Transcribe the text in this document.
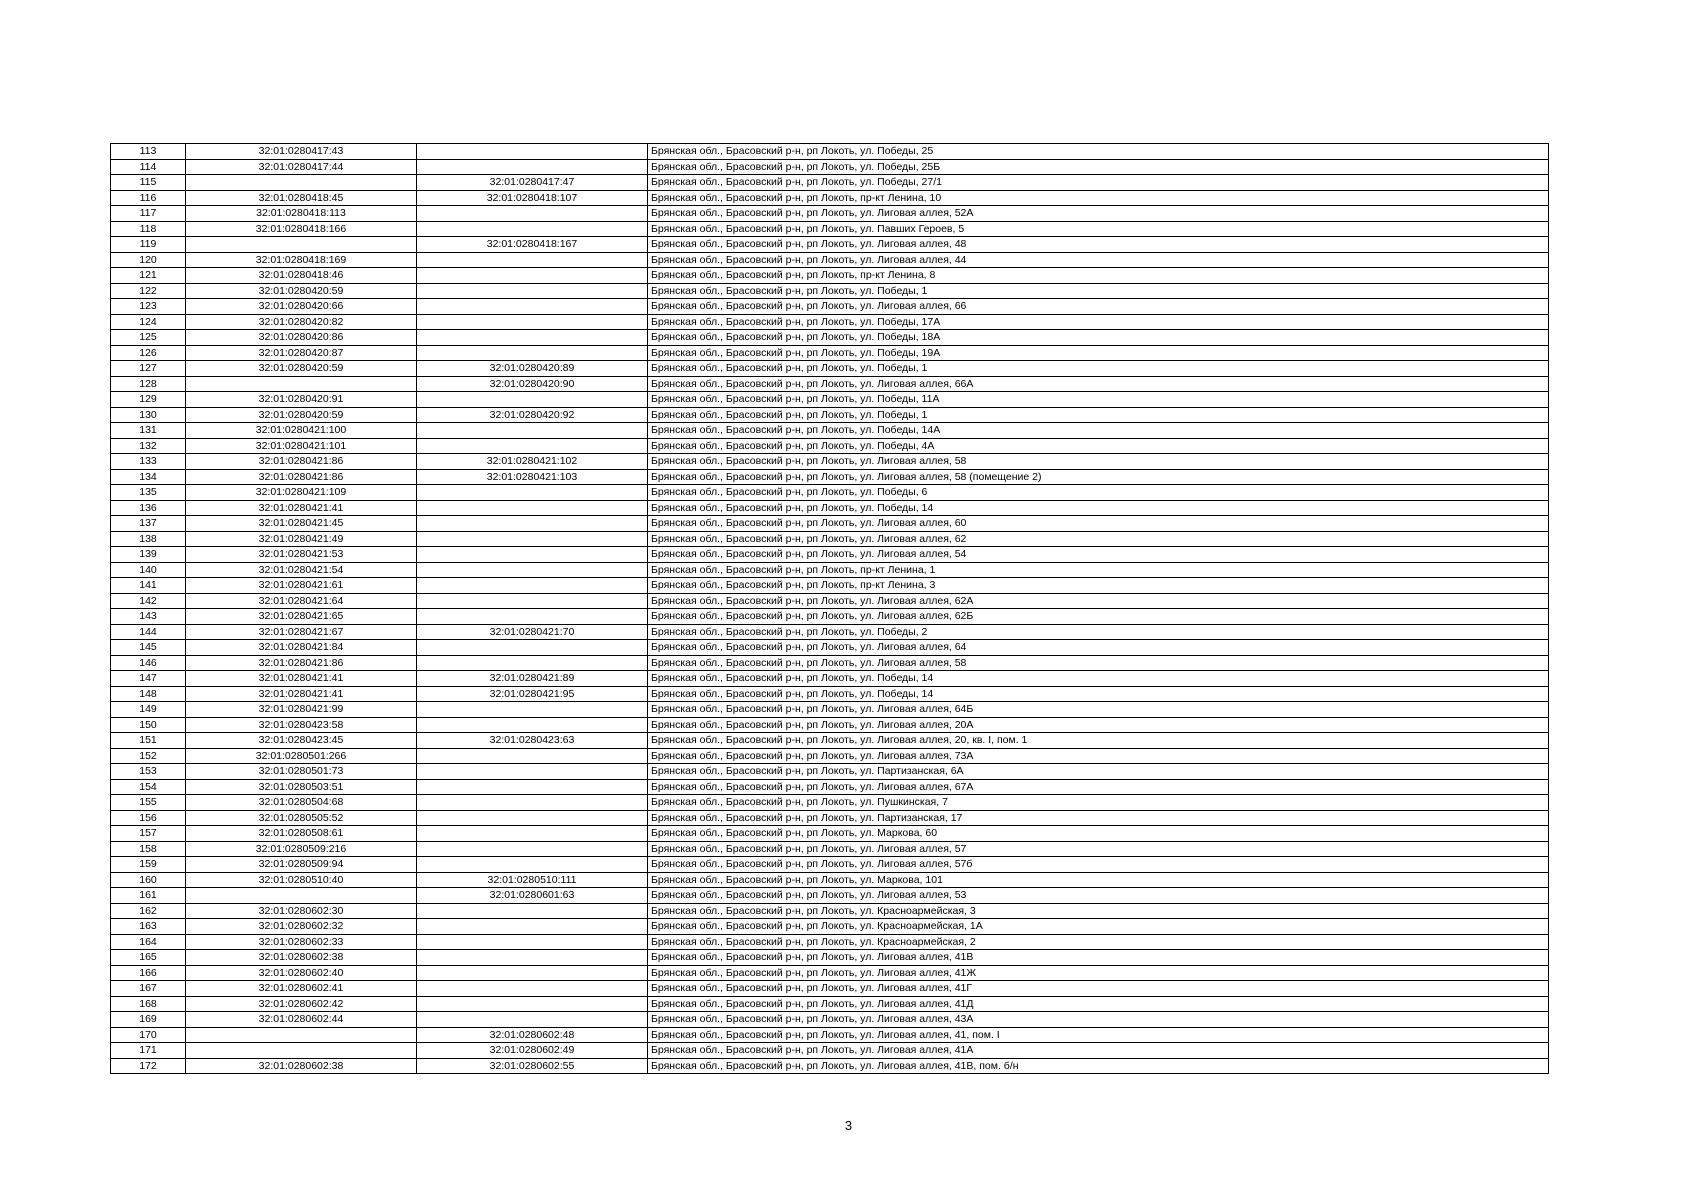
113	32:01:0280417:43		Брянская обл., Брасовский р-н, рп Локоть, ул. Победы, 25
114	32:01:0280417:44		Брянская обл., Брасовский р-н, рп Локоть, ул. Победы, 25Б
115		32:01:0280417:47	Брянская обл., Брасовский р-н, рп Локоть, ул. Победы, 27/1
116	32:01:0280418:45	32:01:0280418:107	Брянская обл., Брасовский р-н, рп Локоть, пр-кт Ленина, 10
117	32:01:0280418:113		Брянская обл., Брасовский р-н, рп Локоть, ул. Лиговая аллея, 52А
118	32:01:0280418:166		Брянская обл., Брасовский р-н, рп Локоть, ул. Павших Героев, 5
119		32:01:0280418:167	Брянская обл., Брасовский р-н, рп Локоть, ул. Лиговая аллея, 48
120	32:01:0280418:169		Брянская обл., Брасовский р-н, рп Локоть, ул. Лиговая аллея, 44
121	32:01:0280418:46		Брянская обл., Брасовский р-н, рп Локоть, пр-кт Ленина, 8
122	32:01:0280420:59		Брянская обл., Брасовский р-н, рп Локоть, ул. Победы, 1
123	32:01:0280420:66		Брянская обл., Брасовский р-н, рп Локоть, ул. Лиговая аллея, 66
124	32:01:0280420:82		Брянская обл., Брасовский р-н, рп Локоть, ул. Победы, 17А
125	32:01:0280420:86		Брянская обл., Брасовский р-н, рп Локоть, ул. Победы, 18А
126	32:01:0280420:87		Брянская обл., Брасовский р-н, рп Локоть, ул. Победы, 19А
127	32:01:0280420:59	32:01:0280420:89	Брянская обл., Брасовский р-н, рп Локоть, ул. Победы, 1
128		32:01:0280420:90	Брянская обл., Брасовский р-н, рп Локоть, ул. Лиговая аллея, 66А
129	32:01:0280420:91		Брянская обл., Брасовский р-н, рп Локоть, ул. Победы, 11А
130	32:01:0280420:59	32:01:0280420:92	Брянская обл., Брасовский р-н, рп Локоть, ул. Победы, 1
131	32:01:0280421:100		Брянская обл., Брасовский р-н, рп Локоть, ул. Победы, 14А
132	32:01:0280421:101		Брянская обл., Брасовский р-н, рп Локоть, ул. Победы, 4А
133	32:01:0280421:86	32:01:0280421:102	Брянская обл., Брасовский р-н, рп Локоть, ул. Лиговая аллея, 58
134	32:01:0280421:86	32:01:0280421:103	Брянская обл., Брасовский р-н, рп Локоть, ул. Лиговая аллея, 58 (помещение 2)
135	32:01:0280421:109		Брянская обл., Брасовский р-н, рп Локоть, ул. Победы, 6
136	32:01:0280421:41		Брянская обл., Брасовский р-н, рп Локоть, ул. Победы, 14
137	32:01:0280421:45		Брянская обл., Брасовский р-н, рп Локоть, ул. Лиговая аллея, 60
138	32:01:0280421:49		Брянская обл., Брасовский р-н, рп Локоть, ул. Лиговая аллея, 62
139	32:01:0280421:53		Брянская обл., Брасовский р-н, рп Локоть, ул. Лиговая аллея, 54
140	32:01:0280421:54		Брянская обл., Брасовский р-н, рп Локоть, пр-кт Ленина, 1
141	32:01:0280421:61		Брянская обл., Брасовский р-н, рп Локоть, пр-кт Ленина, 3
142	32:01:0280421:64		Брянская обл., Брасовский р-н, рп Локоть, ул. Лиговая аллея, 62А
143	32:01:0280421:65		Брянская обл., Брасовский р-н, рп Локоть, ул. Лиговая аллея, 62Б
144	32:01:0280421:67	32:01:0280421:70	Брянская обл., Брасовский р-н, рп Локоть, ул. Победы, 2
145	32:01:0280421:84		Брянская обл., Брасовский р-н, рп Локоть, ул. Лиговая аллея, 64
146	32:01:0280421:86		Брянская обл., Брасовский р-н, рп Локоть, ул. Лиговая аллея, 58
147	32:01:0280421:41	32:01:0280421:89	Брянская обл., Брасовский р-н, рп Локоть, ул. Победы, 14
148	32:01:0280421:41	32:01:0280421:95	Брянская обл., Брасовский р-н, рп Локоть, ул. Победы, 14
149	32:01:0280421:99		Брянская обл., Брасовский р-н, рп Локоть, ул. Лиговая аллея, 64Б
150	32:01:0280423:58		Брянская обл., Брасовский р-н, рп Локоть, ул. Лиговая аллея, 20А
151	32:01:0280423:45	32:01:0280423:63	Брянская обл., Брасовский р-н, рп Локоть, ул. Лиговая аллея, 20, кв. I, пом. 1
152	32:01:0280501:266		Брянская обл., Брасовский р-н, рп Локоть, ул. Лиговая аллея, 73А
153	32:01:0280501:73		Брянская обл., Брасовский р-н, рп Локоть, ул. Партизанская, 6А
154	32:01:0280503:51		Брянская обл., Брасовский р-н, рп Локоть, ул. Лиговая аллея, 67А
155	32:01:0280504:68		Брянская обл., Брасовский р-н, рп Локоть, ул. Пушкинская, 7
156	32:01:0280505:52		Брянская обл., Брасовский р-н, рп Локоть, ул. Партизанская, 17
157	32:01:0280508:61		Брянская обл., Брасовский р-н, рп Локоть, ул. Маркова, 60
158	32:01:0280509:216		Брянская обл., Брасовский р-н, рп Локоть, ул. Лиговая аллея, 57
159	32:01:0280509:94		Брянская обл., Брасовский р-н, рп Локоть, ул. Лиговая аллея, 57б
160	32:01:0280510:40	32:01:0280510:111	Брянская обл., Брасовский р-н, рп Локоть, ул. Маркова, 101
161		32:01:0280601:63	Брянская обл., Брасовский р-н, рп Локоть, ул. Лиговая аллея, 53
162	32:01:0280602:30		Брянская обл., Брасовский р-н, рп Локоть, ул. Красноармейская, 3
163	32:01:0280602:32		Брянская обл., Брасовский р-н, рп Локоть, ул. Красноармейская, 1А
164	32:01:0280602:33		Брянская обл., Брасовский р-н, рп Локоть, ул. Красноармейская, 2
165	32:01:0280602:38		Брянская обл., Брасовский р-н, рп Локоть, ул. Лиговая аллея, 41В
166	32:01:0280602:40		Брянская обл., Брасовский р-н, рп Локоть, ул. Лиговая аллея, 41Ж
167	32:01:0280602:41		Брянская обл., Брасовский р-н, рп Локоть, ул. Лиговая аллея, 41Г
168	32:01:0280602:42		Брянская обл., Брасовский р-н, рп Локоть, ул. Лиговая аллея, 41Д
169	32:01:0280602:44		Брянская обл., Брасовский р-н, рп Локоть, ул. Лиговая аллея, 43А
170		32:01:0280602:48	Брянская обл., Брасовский р-н, рп Локоть, ул. Лиговая аллея, 41, пом. I
171		32:01:0280602:49	Брянская обл., Брасовский р-н, рп Локоть, ул. Лиговая аллея, 41А
172	32:01:0280602:38	32:01:0280602:55	Брянская обл., Брасовский р-н, рп Локоть, ул. Лиговая аллея, 41В, пом. б/н
3
